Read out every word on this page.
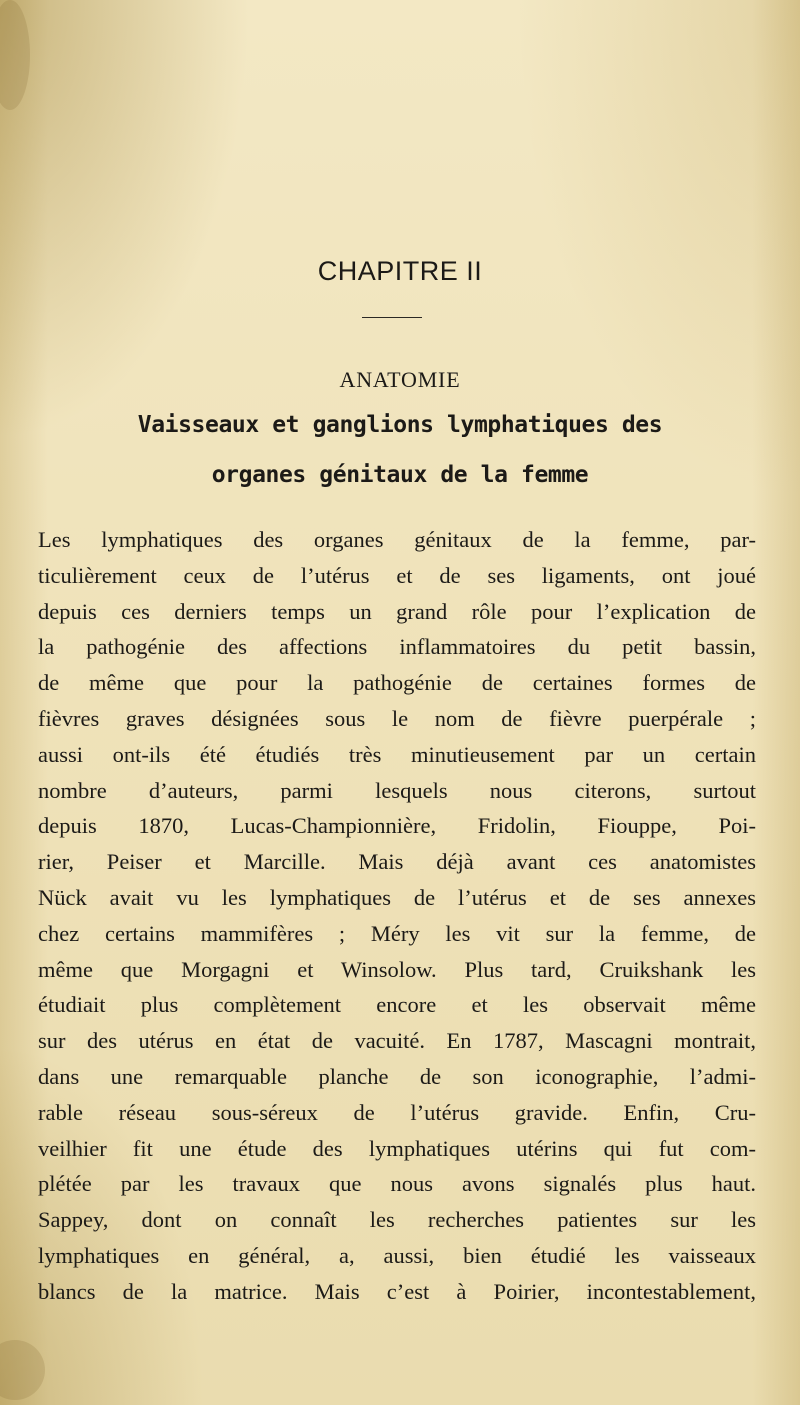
CHAPITRE II
ANATOMIE
Vaisseaux et ganglions lymphatiques des
organes génitaux de la femme
Les lymphatiques des organes génitaux de la femme, par-
ticulièrement ceux de l’utérus et de ses ligaments, ont joué
depuis ces derniers temps un grand rôle pour l’explication de
la pathogénie des affections inflammatoires du petit bassin,
de même que pour la pathogénie de certaines formes de
fièvres graves désignées sous le nom de fièvre puerpérale ;
aussi ont-ils été étudiés très minutieusement par un certain
nombre d’auteurs, parmi lesquels nous citerons, surtout
depuis 1870, Lucas-Championnière, Fridolin, Fiouppe, Poi-
rier, Peiser et Marcille. Mais déjà avant ces anatomistes
Nück avait vu les lymphatiques de l’utérus et de ses annexes
chez certains mammifères ; Méry les vit sur la femme, de
même que Morgagni et Winsolow. Plus tard, Cruikshank les
étudiait plus complètement encore et les observait même
sur des utérus en état de vacuité. En 1787, Mascagni montrait,
dans une remarquable planche de son iconographie, l’admi-
rable réseau sous-séreux de l’utérus gravide. Enfin, Cru-
veilhier fit une étude des lymphatiques utérins qui fut com-
plétée par les travaux que nous avons signalés plus haut.
Sappey, dont on connaît les recherches patientes sur les
lymphatiques en général, a, aussi, bien étudié les vaisseaux
blancs de la matrice. Mais c’est à Poirier, incontestablement,
